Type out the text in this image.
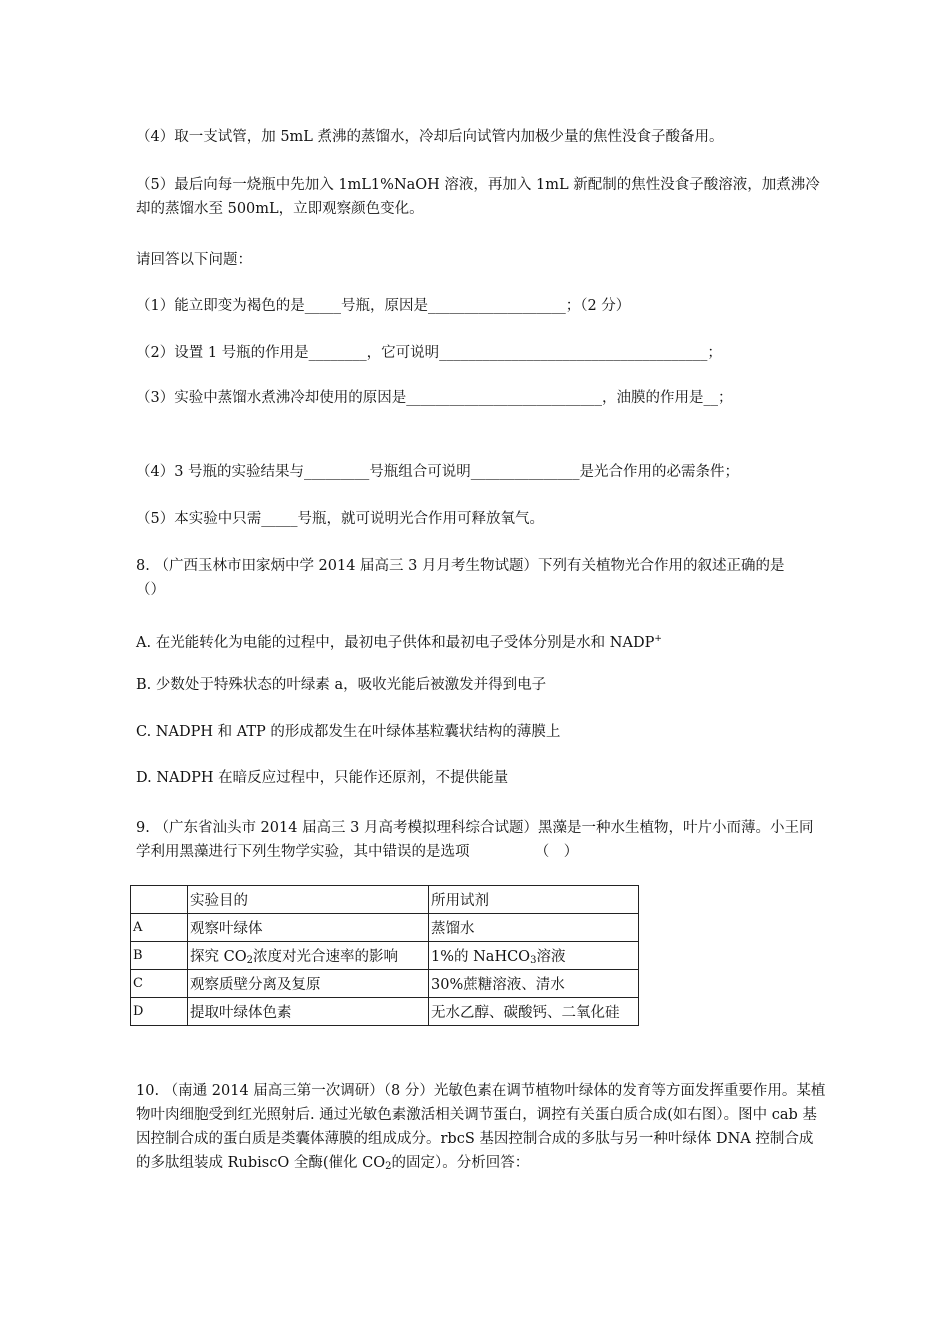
（4）取一支试管，加 5mL 煮沸的蒸馏水，冷却后向试管内加极少量的焦性没食子酸备用。
（5）最后向每一烧瓶中先加入 1mL1%NaOH 溶液，再加入 1mL 新配制的焦性没食子酸溶液，加煮沸冷却的蒸馏水至 500mL，立即观察颜色变化。
请回答以下问题：
（1）能立即变为褐色的是_____号瓶，原因是___________________；（2 分）
（2）设置 1 号瓶的作用是________，它可说明_____________________________________；
（3）实验中蒸馏水煮沸冷却使用的原因是___________________________，油膜的作用是__；
（4）3 号瓶的实验结果与_________号瓶组合可说明_______________是光合作用的必需条件；
（5）本实验中只需_____号瓶，就可说明光合作用可释放氧气。
8. （广西玉林市田家炳中学 2014 届高三 3 月月考生物试题）下列有关植物光合作用的叙述正确的是　　（）
A. 在光能转化为电能的过程中，最初电子供体和最初电子受体分别是水和 NADP+
B. 少数处于特殊状态的叶绿素 a，吸收光能后被激发并得到电子
C. NADPH 和 ATP 的形成都发生在叶绿体基粒囊状结构的薄膜上
D. NADPH 在暗反应过程中，只能作还原剂，不提供能量
9. （广东省汕头市 2014 届高三 3 月高考模拟理科综合试题）黑藻是一种水生植物，叶片小而薄。小王同学利用黑藻进行下列生物学实验，其中错误的是选项　　　　　（　）
	实验目的	所用试剂
A	观察叶绿体	蒸馏水
B	探究 $CO_2$浓度对光合速率的影响	1%的 NaHCO$_3$溶液
C	观察质壁分离及复原	30%蔗糖溶液、清水
D	提取叶绿体色素	无水乙醇、碳酸钙、二氧化硅
10. （南通 2014 届高三第一次调研）（8 分）光敏色素在调节植物叶绿体的发育等方面发挥重要作用。某植物叶肉细胞受到红光照射后. 通过光敏色素激活相关调节蛋白，调控有关蛋白质合成(如右图）。图中 cab 基因控制合成的蛋白质是类囊体薄膜的组成成分。rbcS 基因控制合成的多肽与另一种叶绿体 DNA 控制合成的多肽组装成 RubiscO 全酶(催化 $CO_2$的固定）。分析回答：
